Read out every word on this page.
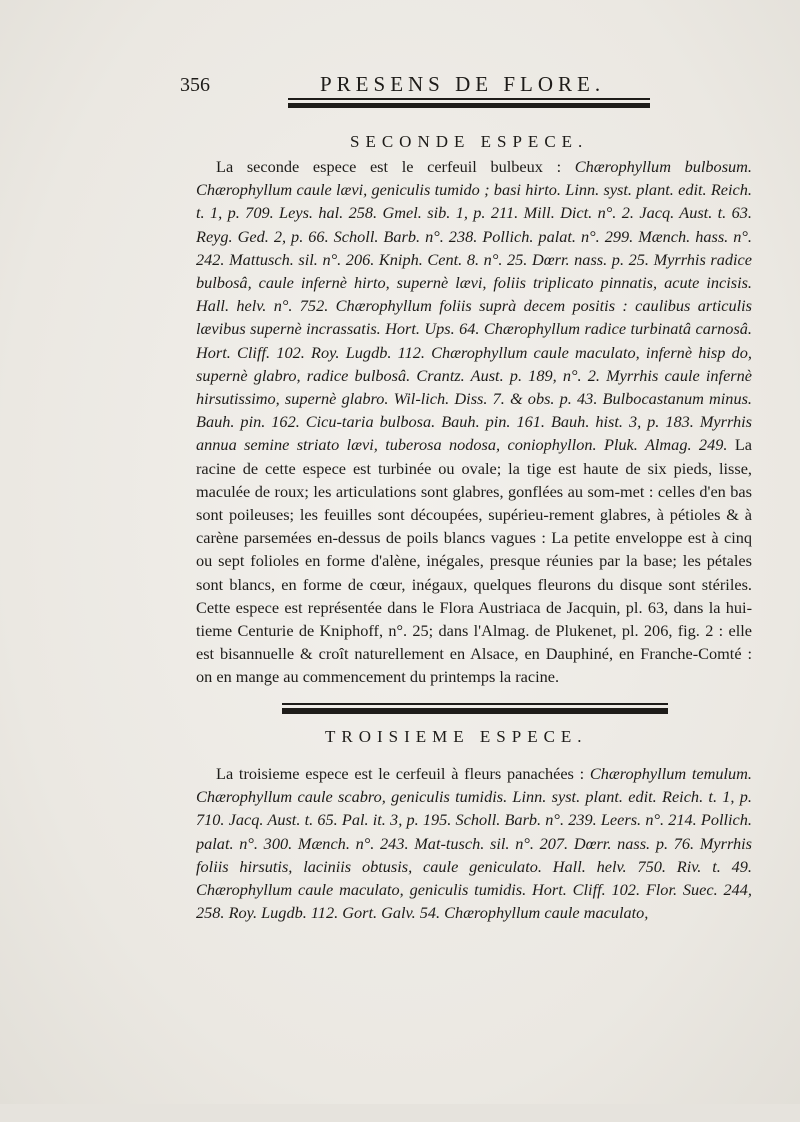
356	PRESENS DE FLORE.
SECONDE ESPECE.

La seconde espece est le cerfeuil bulbeux : Chærophyllum bulbosum. Chærophyllum caule lævi, geniculis tumido ; basi hirto. Linn. syst. plant. edit. Reich. t. 1, p. 709. Leys. hal. 258. Gmel. sib. 1, p. 211. Mill. Dict. n°. 2. Jacq. Aust. t. 63. Reyg. Ged. 2, p. 66. Scholl. Barb. n°. 238. Pollich. palat. n°. 299. Mænch. hass. n°. 242. Mattusch. sil. n°. 206. Kniph. Cent. 8. n°. 25. Dœrr. nass. p. 25. Myrrhis radice bulbosâ, caule infernè hirto, supernè lævi, foliis triplicato pinnatis, acute incisis. Hall. helv. n°. 752. Chærophyllum foliis suprà decem positis : caulibus articulis lævibus supernè incrassatis. Hort. Ups. 64. Chærophyllum radice turbinatâ carnosâ. Hort. Cliff. 102. Roy. Lugdb. 112. Chærophyllum caule maculato, infernè hisp do, supernè glabro, radice bulbosâ. Crantz. Aust. p. 189, n°. 2. Myrrhis caule infernè hirsutissimo, supernè glabro. Wil-lich. Diss. 7. & obs. p. 43. Bulbocastanum minus. Bauh. pin. 162. Cicu-taria bulbosa. Bauh. pin. 161. Bauh. hist. 3, p. 183. Myrrhis annua semine striato lævi, tuberosa nodosa, coniophyllon. Pluk. Almag. 249. La racine de cette espece est turbinée ou ovale; la tige est haute de six pieds, lisse, maculée de roux; les articulations sont glabres, gonflées au som-met : celles d'en bas sont poileuses; les feuilles sont découpées, supérieu-rement glabres, à pétioles & à carène parsemées en-dessus de poils blancs vagues : La petite enveloppe est à cinq ou sept folioles en forme d'alène, inégales, presque réunies par la base; les pétales sont blancs, en forme de cœur, inégaux, quelques fleurons du disque sont stériles. Cette espece est représentée dans le Flora Austriaca de Jacquin, pl. 63, dans la hui-tieme Centurie de Kniphoff, n°. 25; dans l'Almag. de Plukenet, pl. 206, fig. 2 : elle est bisannuelle & croît naturellement en Alsace, en Dauphiné, en Franche-Comté : on en mange au commencement du printemps la racine.

TROISIEME ESPECE.

La troisieme espece est le cerfeuil à fleurs panachées : Chærophyllum temulum. Chærophyllum caule scabro, geniculis tumidis. Linn. syst. plant. edit. Reich. t. 1, p. 710. Jacq. Aust. t. 65. Pal. it. 3, p. 195. Scholl. Barb. n°. 239. Leers. n°. 214. Pollich. palat. n°. 300. Mænch. n°. 243. Mat-tusch. sil. n°. 207. Dœrr. nass. p. 76. Myrrhis foliis hirsutis, laciniis obtusis, caule geniculato. Hall. helv. 750. Riv. t. 49. Chærophyllum caule maculato, geniculis tumidis. Hort. Cliff. 102. Flor. Suec. 244, 258. Roy. Lugdb. 112. Gort. Galv. 54. Chærophyllum caule maculato,
